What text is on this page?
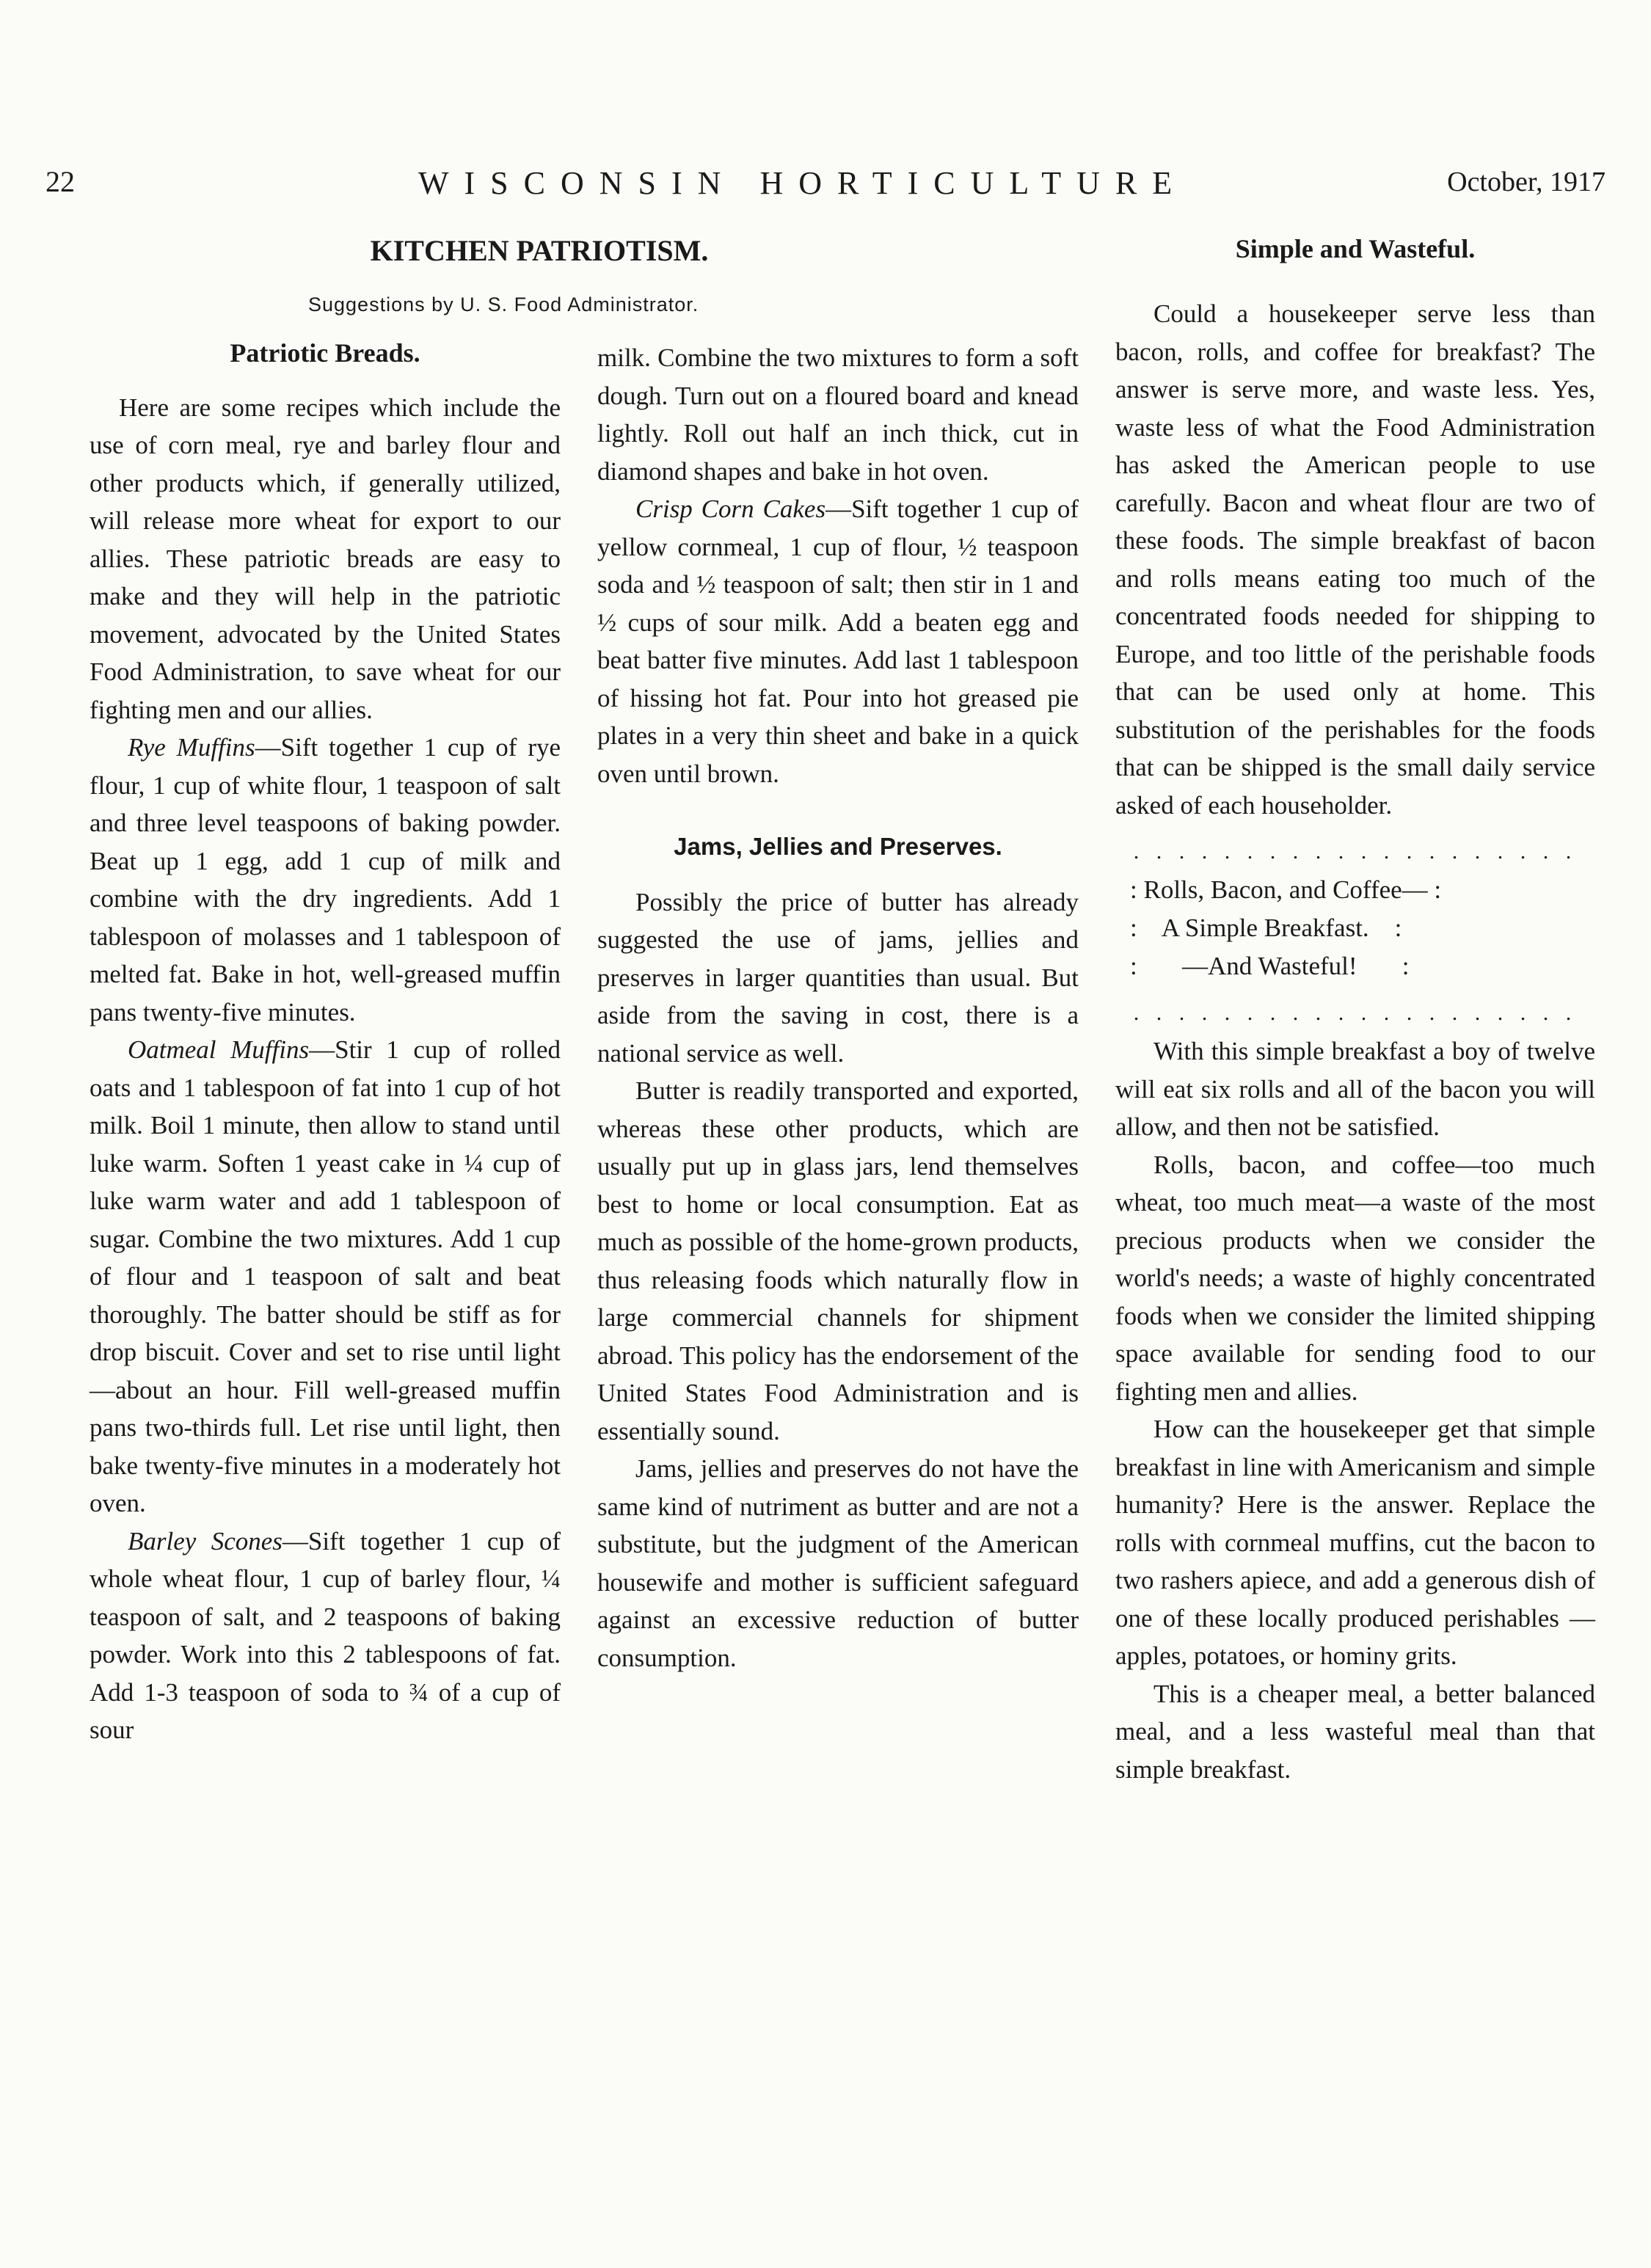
22	WISCONSIN HORTICULTURE	October, 1917
KITCHEN PATRIOTISM.
Suggestions by U. S. Food Administrator.
Simple and Wasteful.
Patriotic Breads.

Here are some recipes which include the use of corn meal, rye and barley flour and other products which, if generally utilized, will release more wheat for export to our allies. These patriotic breads are easy to make and they will help in the patriotic movement, advocated by the United States Food Administration, to save wheat for our fighting men and our allies.

Rye Muffins—Sift together 1 cup of rye flour, 1 cup of white flour, 1 teaspoon of salt and three level teaspoons of baking powder. Beat up 1 egg, add 1 cup of milk and combine with the dry ingredients. Add 1 tablespoon of molasses and 1 tablespoon of melted fat. Bake in hot, well-greased muffin pans twenty-five minutes.

Oatmeal Muffins—Stir 1 cup of rolled oats and 1 tablespoon of fat into 1 cup of hot milk. Boil 1 minute, then allow to stand until luke warm. Soften 1 yeast cake in ¼ cup of luke warm water and add 1 tablespoon of sugar. Combine the two mixtures. Add 1 cup of flour and 1 teaspoon of salt and beat thoroughly. The batter should be stiff as for drop biscuit. Cover and set to rise until light—about an hour. Fill well-greased muffin pans two-thirds full. Let rise until light, then bake twenty-five minutes in a moderately hot oven.

Barley Scones—Sift together 1 cup of whole wheat flour, 1 cup of barley flour, ¼ teaspoon of salt, and 2 teaspoons of baking powder. Work into this 2 tablespoons of fat. Add 1-3 teaspoon of soda to ¾ of a cup of sour

milk. Combine the two mixtures to form a soft dough. Turn out on a floured board and knead lightly. Roll out half an inch thick, cut in diamond shapes and bake in hot oven.

Crisp Corn Cakes—Sift together 1 cup of yellow cornmeal, 1 cup of flour, ½ teaspoon soda and ½ teaspoon of salt; then stir in 1 and ½ cups of sour milk. Add a beaten egg and beat batter five minutes. Add last 1 tablespoon of hissing hot fat. Pour into hot greased pie plates in a very thin sheet and bake in a quick oven until brown.

Jams, Jellies and Preserves.

Possibly the price of butter has already suggested the use of jams, jellies and preserves in larger quantities than usual. But aside from the saving in cost, there is a national service as well.

Butter is readily transported and exported, whereas these other products, which are usually put up in glass jars, lend themselves best to home or local consumption. Eat as much as possible of the home-grown products, thus releasing foods which naturally flow in large commercial channels for shipment abroad. This policy has the endorsement of the United States Food Administration and is essentially sound.

Jams, jellies and preserves do not have the same kind of nutriment as butter and are not a substitute, but the judgment of the American housewife and mother is sufficient safeguard against an excessive reduction of butter consumption.

Could a housekeeper serve less than bacon, rolls, and coffee for breakfast? The answer is serve more, and waste less. Yes, waste less of what the Food Administration has asked the American people to use carefully. Bacon and wheat flour are two of these foods. The simple breakfast of bacon and rolls means eating too much of the concentrated foods needed for shipping to Europe, and too little of the perishable foods that can be used only at home. This substitution of the perishables for the foods that can be shipped is the small daily service asked of each householder.

. . . . . . . . . . . . . . . . . . . .
: Rolls, Bacon, and Coffee— :
:    A Simple Breakfast.    :
:       —And Wasteful!       :
. . . . . . . . . . . . . . . . . . . .

With this simple breakfast a boy of twelve will eat six rolls and all of the bacon you will allow, and then not be satisfied.

Rolls, bacon, and coffee—too much wheat, too much meat—a waste of the most precious products when we consider the world's needs; a waste of highly concentrated foods when we consider the limited shipping space available for sending food to our fighting men and allies.

How can the housekeeper get that simple breakfast in line with Americanism and simple humanity? Here is the answer. Replace the rolls with cornmeal muffins, cut the bacon to two rashers apiece, and add a generous dish of one of these locally produced perishables —apples, potatoes, or hominy grits.

This is a cheaper meal, a better balanced meal, and a less wasteful meal than that simple breakfast.
